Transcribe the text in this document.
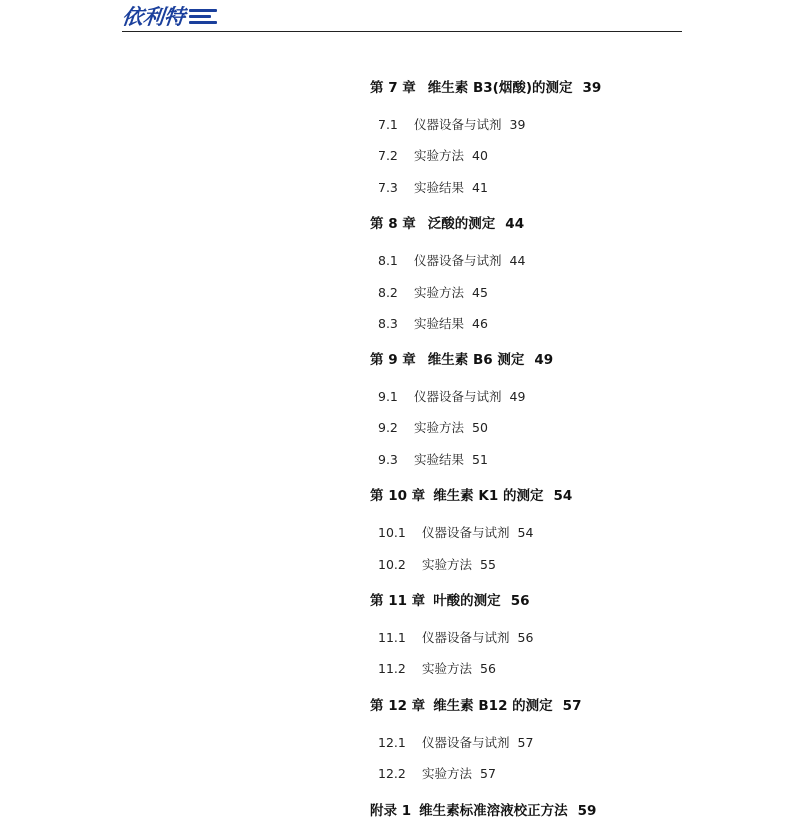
依利特
第 7 章 维生素 B3(烟酸)的测定 39
7.1 仪器设备与试剂 39
7.2 实验方法 40
7.3 实验结果 41
第 8 章 泛酸的测定 44
8.1 仪器设备与试剂 44
8.2 实验方法 45
8.3 实验结果 46
第 9 章 维生素 B6 测定 49
9.1 仪器设备与试剂 49
9.2 实验方法 50
9.3 实验结果 51
第 10 章 维生素 K1 的测定 54
10.1 仪器设备与试剂 54
10.2 实验方法 55
第 11 章 叶酸的测定 56
11.1 仪器设备与试剂 56
11.2 实验方法 56
第 12 章 维生素 B12 的测定 57
12.1 仪器设备与试剂 57
12.2 实验方法 57
附录 1 维生素标准溶液校正方法 59
